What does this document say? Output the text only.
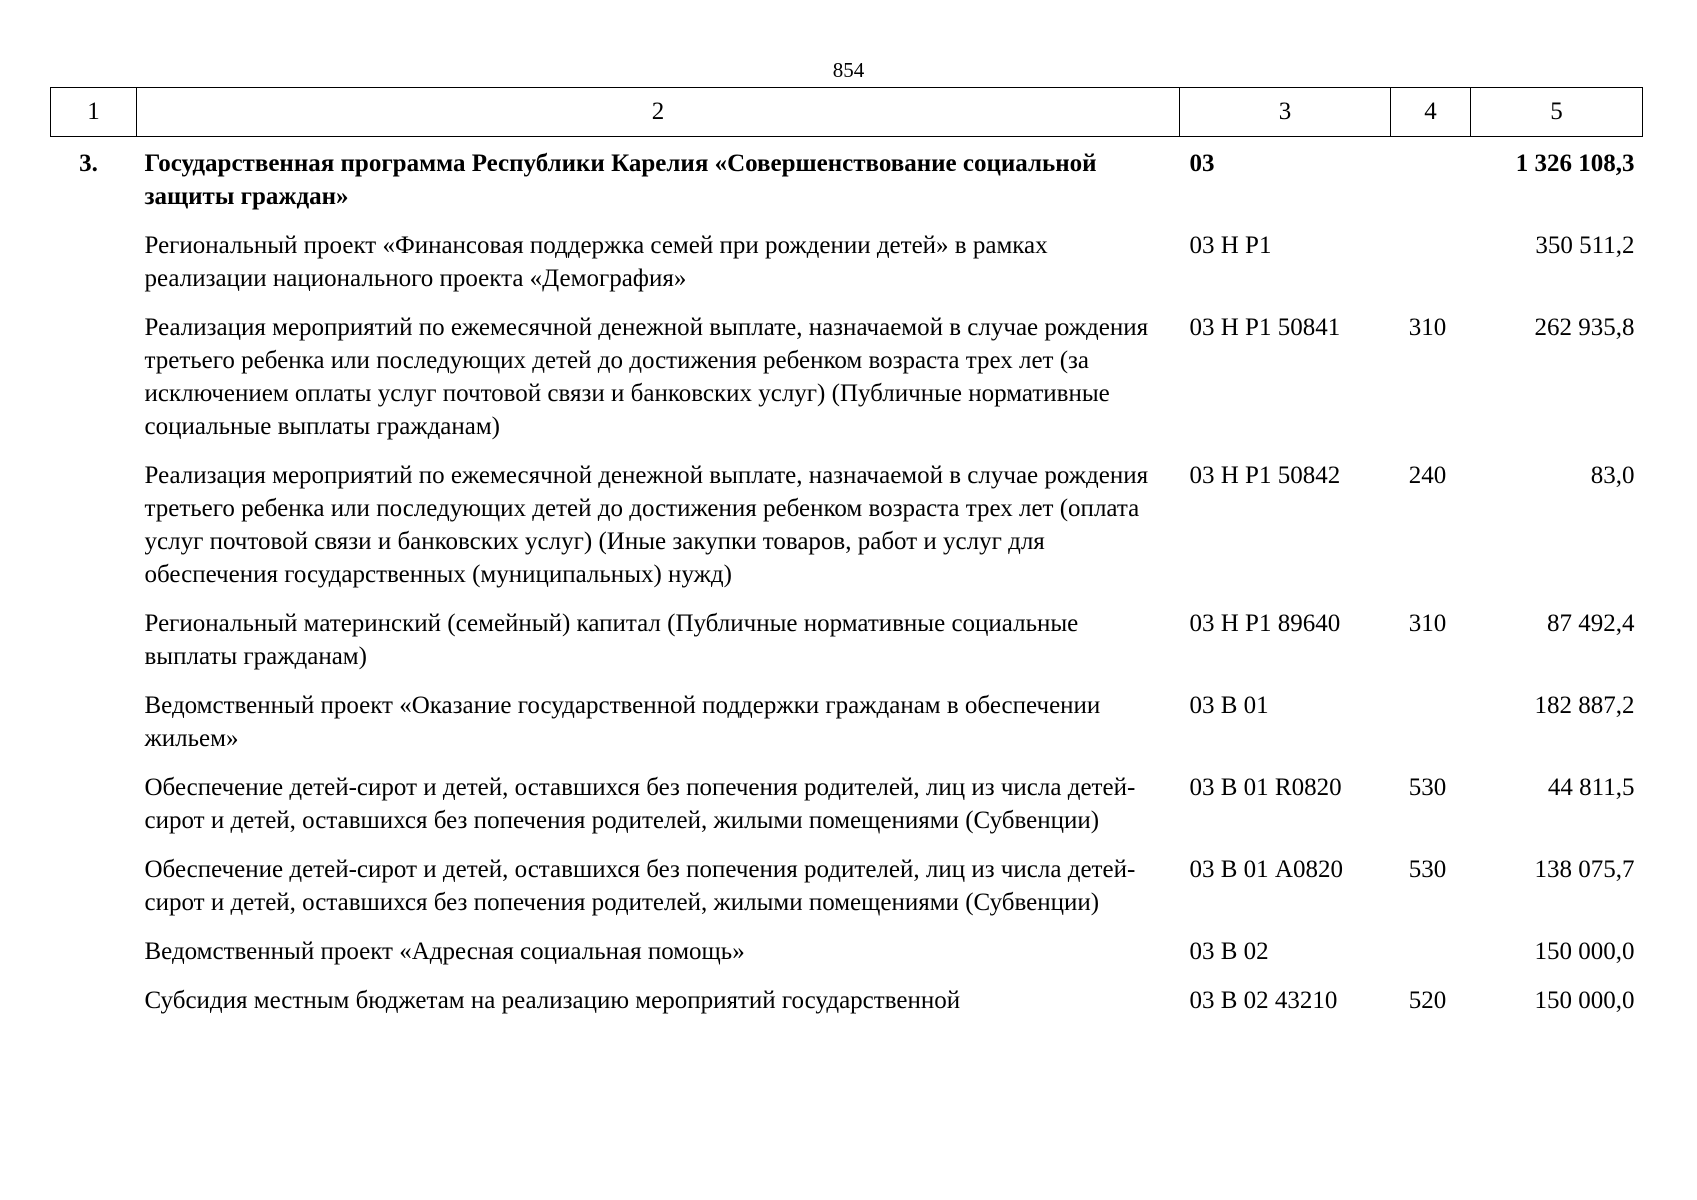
854
1	2	3	4	5
3.	Государственная программа Республики Карелия «Совершенствование социальной защиты граждан»	03		1 326 108,3
	Региональный проект «Финансовая поддержка семей при рождении детей» в рамках реализации национального проекта «Демография»	03 Н Р1		350 511,2
	Реализация мероприятий по ежемесячной денежной выплате, назначаемой в случае рождения третьего ребенка или последующих детей до достижения ребенком возраста трех лет (за исключением оплаты услуг почтовой связи и банковских услуг) (Публичные нормативные социальные выплаты гражданам)	03 Н Р1 50841	310	262 935,8
	Реализация мероприятий по ежемесячной денежной выплате, назначаемой в случае рождения третьего ребенка или последующих детей до достижения ребенком возраста трех лет (оплата услуг почтовой связи и банковских услуг) (Иные закупки товаров, работ и услуг для обеспечения государственных (муниципальных) нужд)	03 Н Р1 50842	240	83,0
	Региональный материнский (семейный) капитал (Публичные нормативные социальные выплаты гражданам)	03 Н Р1 89640	310	87 492,4
	Ведомственный проект «Оказание государственной поддержки гражданам в обеспечении жильем»	03 В 01		182 887,2
	Обеспечение детей-сирот и детей, оставшихся без попечения родителей, лиц из числа детей-сирот и детей, оставшихся без попечения родителей, жилыми помещениями (Субвенции)	03 В 01 R0820	530	44 811,5
	Обеспечение детей-сирот и детей, оставшихся без попечения родителей, лиц из числа детей-сирот и детей, оставшихся без попечения родителей, жилыми помещениями (Субвенции)	03 В 01 А0820	530	138 075,7
	Ведомственный проект «Адресная социальная помощь»	03 В 02		150 000,0
	Субсидия местным бюджетам на реализацию мероприятий государственной	03 В 02 43210	520	150 000,0
